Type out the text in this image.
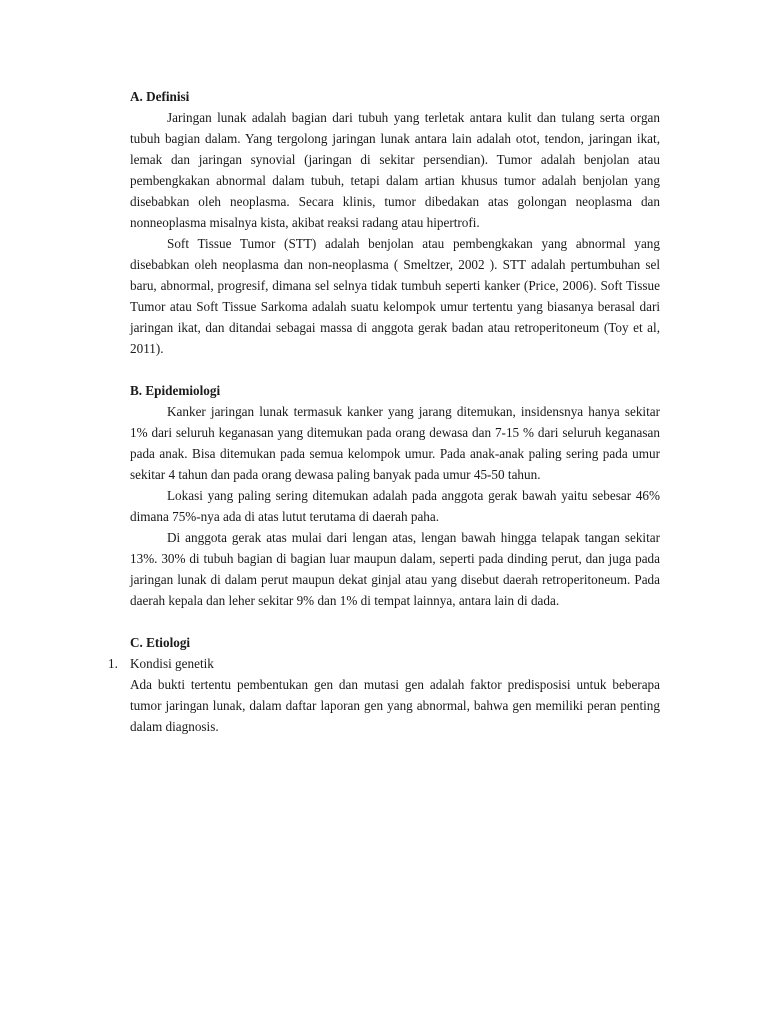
A. Definisi

Jaringan lunak adalah bagian dari tubuh yang terletak antara kulit dan tulang serta organ tubuh bagian dalam. Yang tergolong jaringan lunak antara lain adalah otot, tendon, jaringan ikat, lemak dan jaringan synovial (jaringan di sekitar persendian). Tumor adalah benjolan atau pembengkakan abnormal dalam tubuh, tetapi dalam artian khusus tumor adalah benjolan yang disebabkan oleh neoplasma. Secara klinis, tumor dibedakan atas golongan neoplasma dan nonneoplasma misalnya kista, akibat reaksi radang atau hipertrofi.

Soft Tissue Tumor (STT) adalah benjolan atau pembengkakan yang abnormal yang disebabkan oleh neoplasma dan non-neoplasma ( Smeltzer, 2002 ). STT adalah pertumbuhan sel baru, abnormal, progresif, dimana sel selnya tidak tumbuh seperti kanker (Price, 2006). Soft Tissue Tumor atau Soft Tissue Sarkoma adalah suatu kelompok umur tertentu yang biasanya berasal dari jaringan ikat, dan ditandai sebagai massa di anggota gerak badan atau retroperitoneum (Toy et al, 2011).

B. Epidemiologi

Kanker jaringan lunak termasuk kanker yang jarang ditemukan, insidensnya hanya sekitar 1% dari seluruh keganasan yang ditemukan pada orang dewasa dan 7-15 % dari seluruh keganasan pada anak. Bisa ditemukan pada semua kelompok umur. Pada anak-anak paling sering pada umur sekitar 4 tahun dan pada orang dewasa paling banyak pada umur 45-50 tahun.

Lokasi yang paling sering ditemukan adalah pada anggota gerak bawah yaitu sebesar 46% dimana 75%-nya ada di atas lutut terutama di daerah paha.

Di anggota gerak atas mulai dari lengan atas, lengan bawah hingga telapak tangan sekitar 13%. 30% di tubuh bagian di bagian luar maupun dalam, seperti pada dinding perut, dan juga pada jaringan lunak di dalam perut maupun dekat ginjal atau yang disebut daerah retroperitoneum. Pada daerah kepala dan leher sekitar 9% dan 1% di tempat lainnya, antara lain di dada.

C. Etiologi
1. Kondisi genetik

Ada bukti tertentu pembentukan gen dan mutasi gen adalah faktor predisposisi untuk beberapa tumor jaringan lunak, dalam daftar laporan gen yang abnormal, bahwa gen memiliki peran penting dalam diagnosis.
